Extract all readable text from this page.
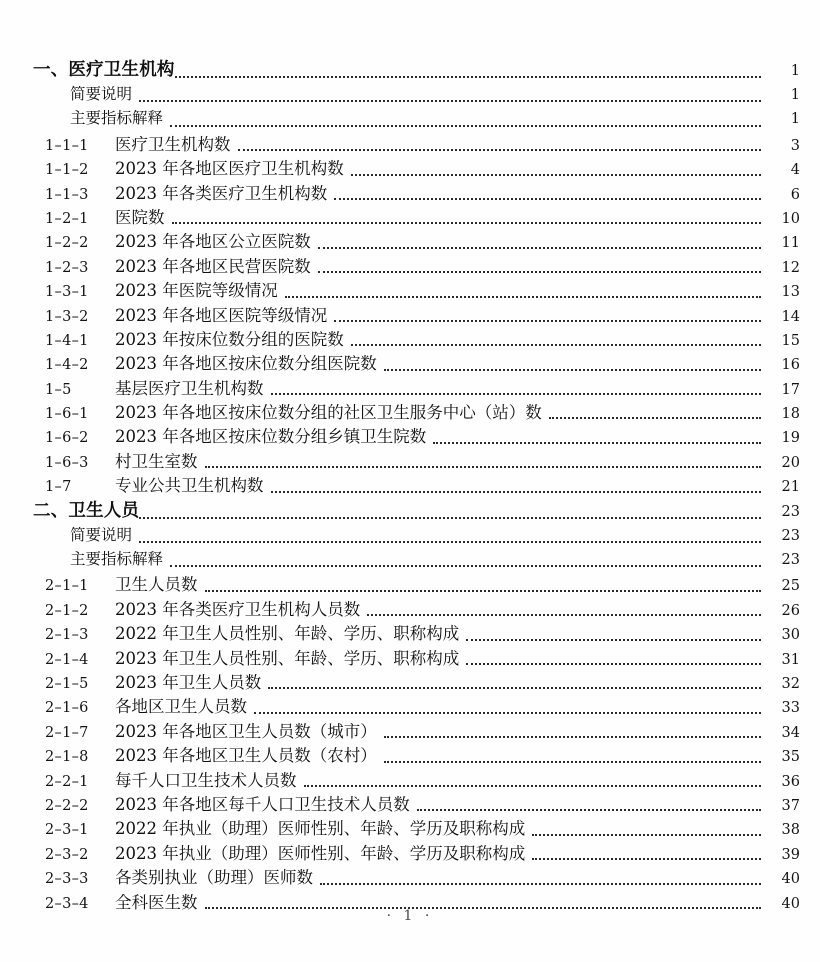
一、医疗卫生机构	1
简要说明	1
主要指标解释	1
1–1–1	医疗卫生机构数	3
1–1–2	2023 年各地区医疗卫生机构数	4
1–1–3	2023 年各类医疗卫生机构数	6
1–2–1	医院数	10
1–2–2	2023 年各地区公立医院数	11
1–2–3	2023 年各地区民营医院数	12
1–3–1	2023 年医院等级情况	13
1–3–2	2023 年各地区医院等级情况	14
1–4–1	2023 年按床位数分组的医院数	15
1–4–2	2023 年各地区按床位数分组医院数	16
1–5	基层医疗卫生机构数	17
1–6–1	2023 年各地区按床位数分组的社区卫生服务中心（站）数	18
1–6–2	2023 年各地区按床位数分组乡镇卫生院数	19
1–6–3	村卫生室数	20
1–7	专业公共卫生机构数	21
二、卫生人员	23
简要说明	23
主要指标解释	23
2–1–1	卫生人员数	25
2–1–2	2023 年各类医疗卫生机构人员数	26
2–1–3	2022 年卫生人员性别、年龄、学历、职称构成	30
2–1–4	2023 年卫生人员性别、年龄、学历、职称构成	31
2–1–5	2023 年卫生人员数	32
2–1–6	各地区卫生人员数	33
2–1–7	2023 年各地区卫生人员数（城市）	34
2–1–8	2023 年各地区卫生人员数（农村）	35
2–2–1	每千人口卫生技术人员数	36
2–2–2	2023 年各地区每千人口卫生技术人员数	37
2–3–1	2022 年执业（助理）医师性别、年龄、学历及职称构成	38
2–3–2	2023 年执业（助理）医师性别、年龄、学历及职称构成	39
2–3–3	各类别执业（助理）医师数	40
2–3–4	全科医生数	40
· 1 ·
